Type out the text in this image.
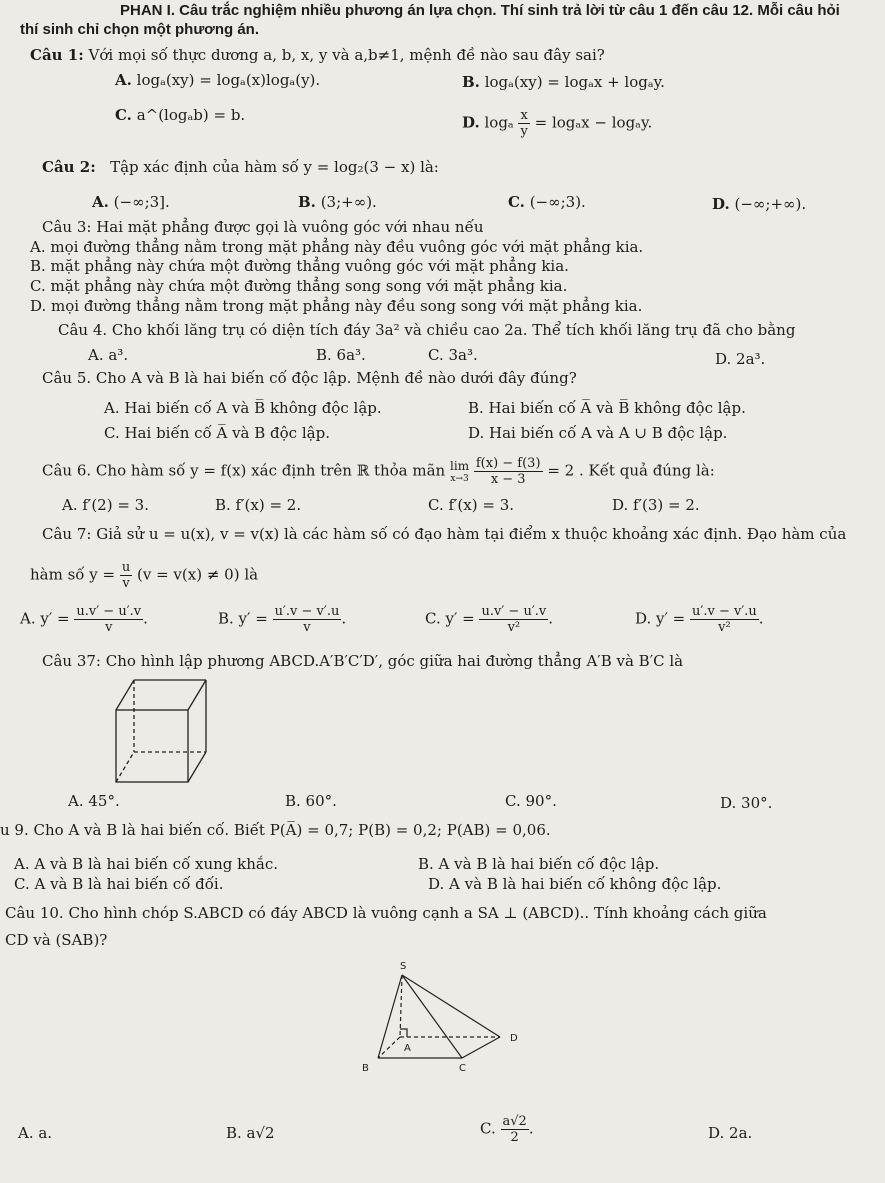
PHAN I. Câu trắc nghiệm nhiều phương án lựa chọn. Thí sinh trả lời từ câu 1 đến câu 12. Mỗi câu hỏi
thí sinh chỉ chọn một phương án.
Câu 1: Với mọi số thực dương a, b, x, y và a,b≠1, mệnh đề nào sau đây sai?
A. logₐ(xy) = logₐ(x)logₐ(y).	B. logₐ(xy) = logₐx + logₐy.
C. a^(logₐb) = b.	D. logₐ $\frac{x}{y} = \log_ax - \log_ay$.
Câu 2: Tập xác định của hàm số y = log₂(3 − x) là:
A. (−∞;3].	B. (3;+∞).	C. (−∞;3).	D. (−∞;+∞).
Câu 3: Hai mặt phẳng được gọi là vuông góc với nhau nếu
A. mọi đường thẳng nằm trong mặt phẳng này đều vuông góc với mặt phẳng kia.
B. mặt phẳng này chứa một đường thẳng vuông góc với mặt phẳng kia.
C. mặt phẳng này chứa một đường thẳng song song với mặt phẳng kia.
D. mọi đường thẳng nằm trong mặt phẳng này đều song song với mặt phẳng kia.
Câu 4. Cho khối lăng trụ có diện tích đáy 3a² và chiều cao 2a. Thể tích khối lăng trụ đã cho bằng
A. a³.	B. 6a³.	C. 3a³.	D. 2a³.
Câu 5. Cho A và B là hai biến cố độc lập. Mệnh đề nào dưới đây đúng?
A. Hai biến cố A và B̅ không độc lập.	B. Hai biến cố A̅ và B̅ không độc lập.
C. Hai biến cố A̅ và B độc lập.	D. Hai biến cố A và A ∪ B độc lập.
Câu 6. Cho hàm số y = f(x) xác định trên ℝ thỏa mãn lim
x→3
$\frac{f(x) - f(3)}{x - 3} = 2$ . Kết quả đúng là:
A. f′(2) = 3.	B. f′(x) = 2.	C. f′(x) = 3.	D. f′(3) = 2.
Câu 7: Giả sử u = u(x), v = v(x) là các hàm số có đạo hàm tại điểm x thuộc khoảng xác định. Đạo hàm của
hàm số $y = \frac{u}{v} (v = v(x) \ne 0)$ là
A. $y' = \frac{u.v' - u'.v}{v}$ .	B. $y' = \frac{u'.v - v'.u}{v}$ .	C. $y' = \frac{u.v' - u'.v}{\text{v²}}$ .	D. $y' = \frac{u'.v - v'.u}{\text{v²}}$ .
Câu 37: Cho hình lập phương ABCD.A′B′C′D′, góc giữa hai đường thẳng A′B và B′C là
A. 45°.	B. 60°.	C. 90°.	D. 30°.
u 9. Cho A và B là hai biến cố. Biết P(A̅) = 0,7; P(B) = 0,2; P(AB) = 0,06.
A. A và B là hai biến cố xung khắc.	B. A và B là hai biến cố độc lập.
C. A và B là hai biến cố đối.	D. A và B là hai biến cố không độc lập.
Câu 10. Cho hình chóp S.ABCD có đáy ABCD là vuông cạnh a SA ⊥ (ABCD).. Tính khoảng cách giữa
CD và (SAB)?
S
A
B	C
D
A. a.	B. a√2	C. $\frac{a√2}{2}$ .	D. 2a.
